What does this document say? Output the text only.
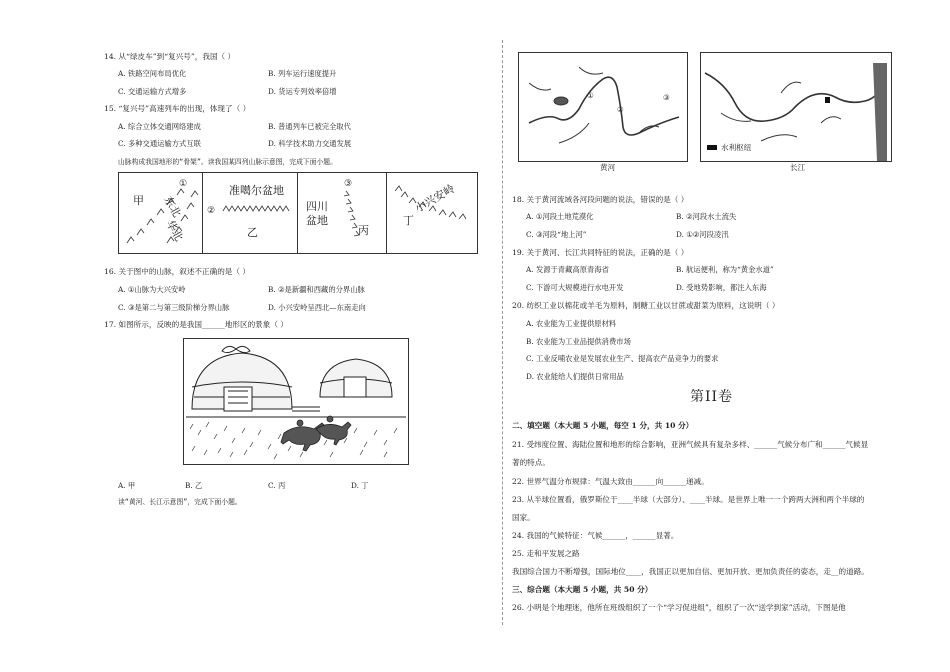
14. 从“绿皮车”到“复兴号”，我国（ ）
A. 铁路空间布局优化	B. 列车运行速度提升
C. 交通运输方式增多	D. 货运专列效率倍增
15. “复兴号”高速列车的出现，体现了（ ）
A. 综合立体交通网络建成	B. 普通列车已被完全取代
C. 多种交通运输方式互联	D. 科学技术助力交通发展
山脉构成我国地形的“骨架”。读我国某四列山脉示意图，完成下面小题。
甲
①
东北
华北
准噶尔盆地
②
乙
③
四川
盆地
丙
小兴安岭
丁
16. 关于图中的山脉，叙述不正确的是（ ）
A. ①山脉为大兴安岭	B. ②是新疆和西藏的分界山脉
C. ③是第二与第三级阶梯分界山脉	D. 小兴安岭呈西北—东南走向
17. 如图所示，反映的是我国______地形区的景象（ ）
A. 甲	B. 乙	C. 丙	D. 丁
读“黄河、长江示意图”，完成下面小题。
①
②
③
水利枢纽
黄河	长江
18. 关于黄河流域各河段问题的说法，错误的是（ ）
A. ①河段土地荒漠化	B. ②河段水土流失
C. ③河段“地上河”	D. ①②河段凌汛
19. 关于黄河、长江共同特征的说法，正确的是（ ）
A. 发源于青藏高原青海省	B. 航运便利，称为“黄金水道”
C. 下游可大规模进行水电开发	D. 受地势影响，都注入东海
20. 纺织工业以棉花或羊毛为原料，制糖工业以甘蔗或甜菜为原料，这说明（ ）
A. 农业能为工业提供原材料
B. 农业能为工业品提供消费市场
C. 工业反哺农业是发展农业生产、提高农产品竞争力的要求
D. 农业能给人们提供日常用品
第II卷
二、填空题（本大题 5 小题，每空 1 分，共 10 分）
21. 受纬度位置、海陆位置和地形的综合影响，亚洲气候具有复杂多样、______气候分布广和______气候显
著的特点。
22. 世界气温分布规律：气温大致由______向______递减。
23. 从半球位置看，俄罗斯位于____半球（大部分）、____半球。是世界上唯一一个跨两大洲和两个半球的
国家。
24. 我国的气候特征：气候______，______显著。
25. 走和平发展之路
我国综合国力不断增强，国际地位____，我国正以更加自信、更加开放、更加负责任的姿态，走__的道路。
三、综合题（本大题 5 小题，共 50 分）
26. 小明是个地理迷，他所在班级组织了一个“学习促进组”，组织了一次“送学到家”活动，下图是他
